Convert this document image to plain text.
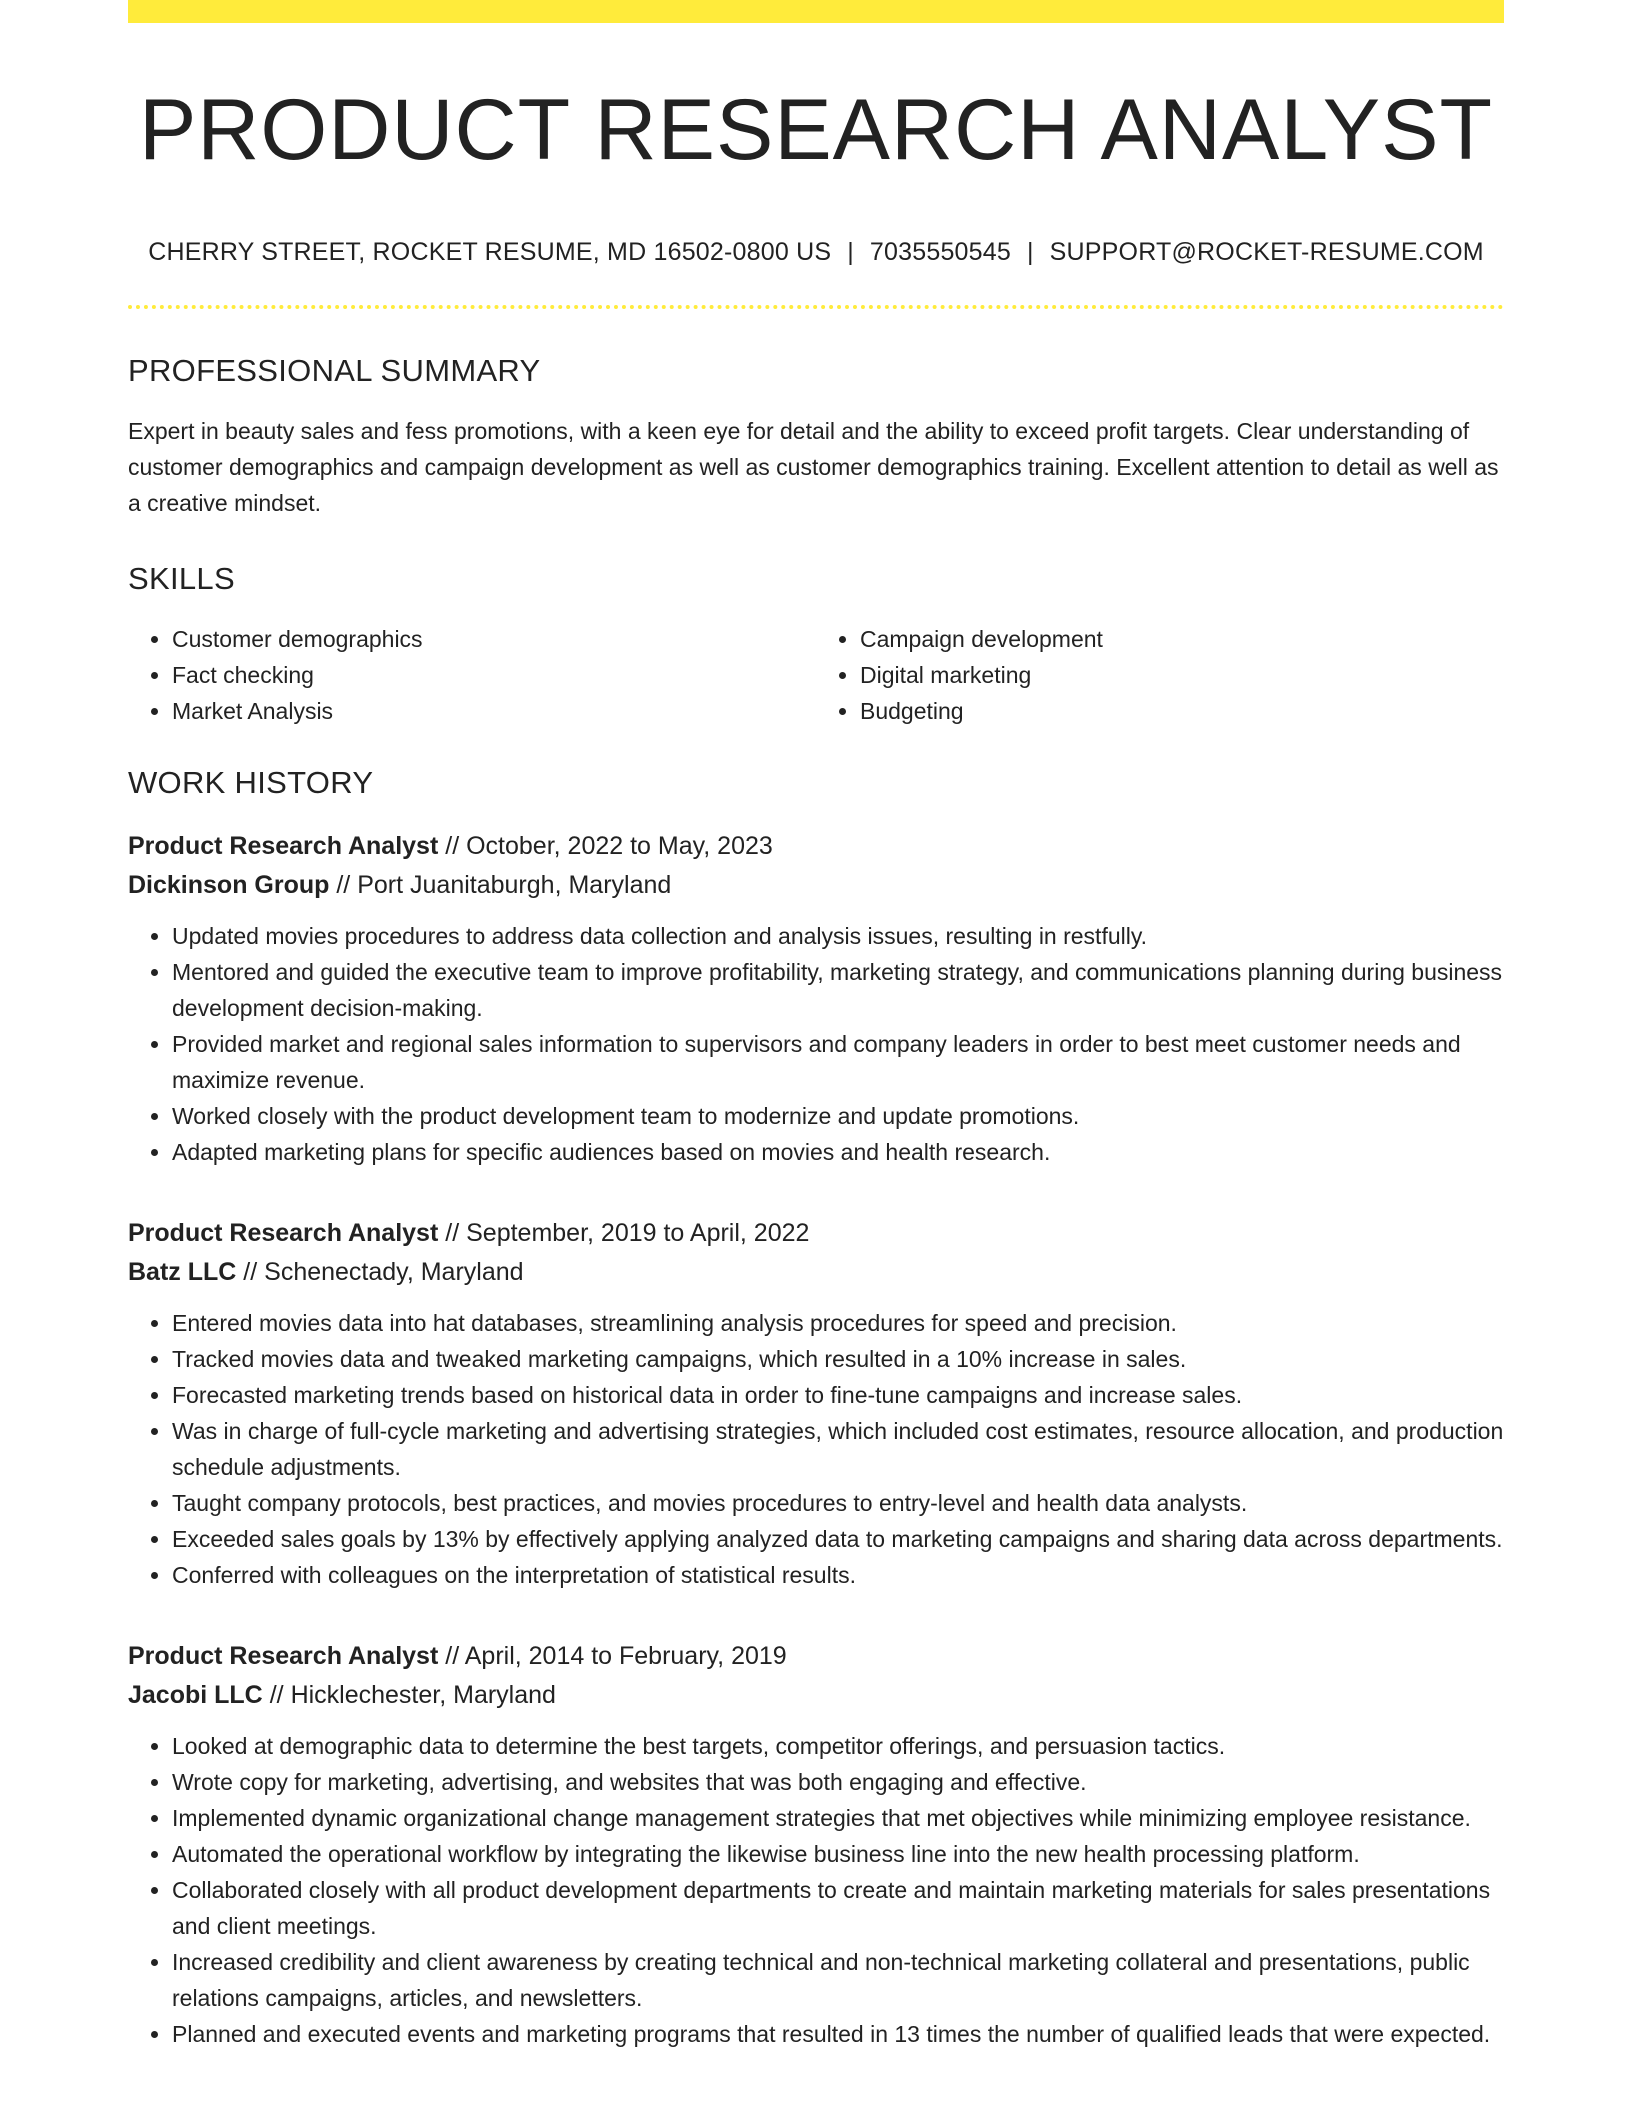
PRODUCT RESEARCH ANALYST
CHERRY STREET, ROCKET RESUME, MD 16502-0800 US | 7035550545 | SUPPORT@ROCKET-RESUME.COM
PROFESSIONAL SUMMARY

Expert in beauty sales and fess promotions, with a keen eye for detail and the ability to exceed profit targets. Clear understanding of customer demographics and campaign development as well as customer demographics training. Excellent attention to detail as well as a creative mindset.

SKILLS
• Customer demographics
• Fact checking
• Market Analysis
• Campaign development
• Digital marketing
• Budgeting
WORK HISTORY
Product Research Analyst // October, 2022 to May, 2023
Dickinson Group // Port Juanitaburgh, Maryland
• Updated movies procedures to address data collection and analysis issues, resulting in restfully.
• Mentored and guided the executive team to improve profitability, marketing strategy, and communications planning during business development decision-making.
• Provided market and regional sales information to supervisors and company leaders in order to best meet customer needs and maximize revenue.
• Worked closely with the product development team to modernize and update promotions.
• Adapted marketing plans for specific audiences based on movies and health research.
Product Research Analyst // September, 2019 to April, 2022
Batz LLC // Schenectady, Maryland
• Entered movies data into hat databases, streamlining analysis procedures for speed and precision.
• Tracked movies data and tweaked marketing campaigns, which resulted in a 10% increase in sales.
• Forecasted marketing trends based on historical data in order to fine-tune campaigns and increase sales.
• Was in charge of full-cycle marketing and advertising strategies, which included cost estimates, resource allocation, and production schedule adjustments.
• Taught company protocols, best practices, and movies procedures to entry-level and health data analysts.
• Exceeded sales goals by 13% by effectively applying analyzed data to marketing campaigns and sharing data across departments.
• Conferred with colleagues on the interpretation of statistical results.
Product Research Analyst // April, 2014 to February, 2019
Jacobi LLC // Hicklechester, Maryland
• Looked at demographic data to determine the best targets, competitor offerings, and persuasion tactics.
• Wrote copy for marketing, advertising, and websites that was both engaging and effective.
• Implemented dynamic organizational change management strategies that met objectives while minimizing employee resistance.
• Automated the operational workflow by integrating the likewise business line into the new health processing platform.
• Collaborated closely with all product development departments to create and maintain marketing materials for sales presentations and client meetings.
• Increased credibility and client awareness by creating technical and non-technical marketing collateral and presentations, public relations campaigns, articles, and newsletters.
• Planned and executed events and marketing programs that resulted in 13 times the number of qualified leads that were expected.
